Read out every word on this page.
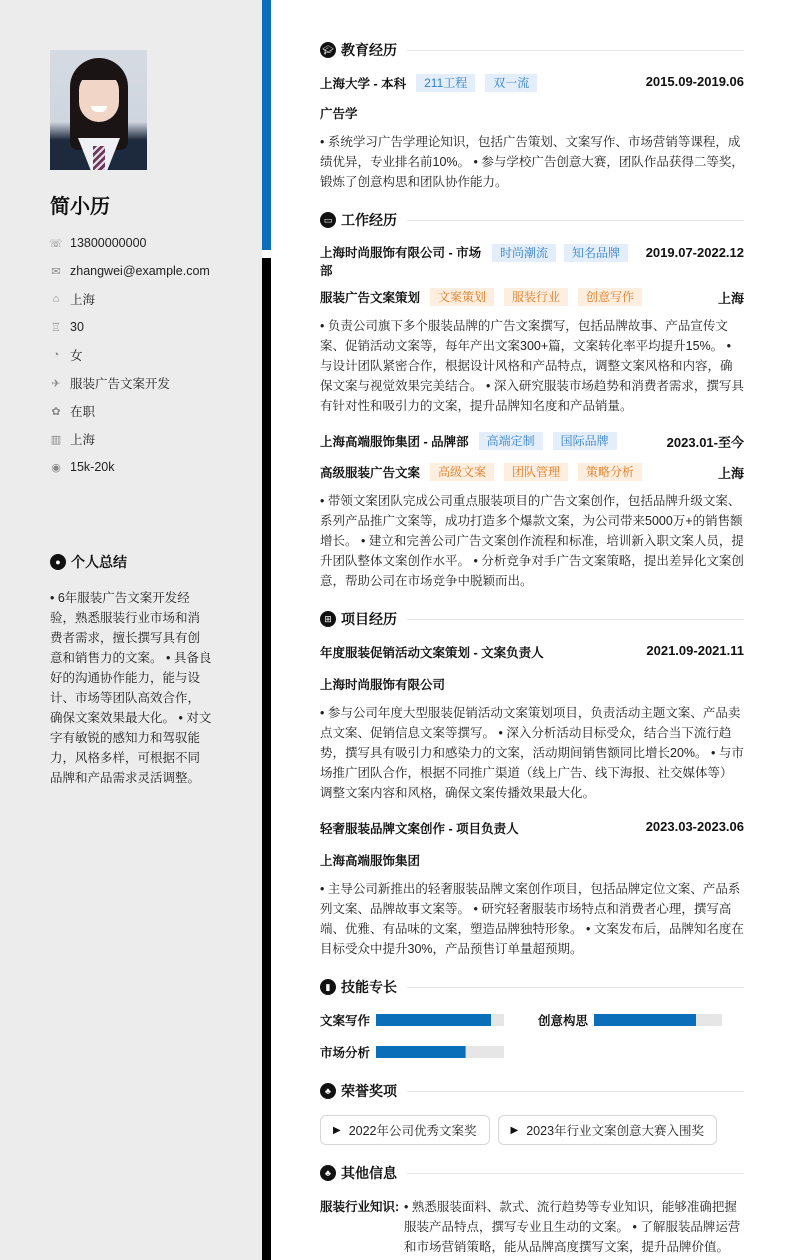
简小历
☏ 13800000000
✉ zhangwei@example.com
⌂ 上海
♖ 30
◔ 女
✈ 服装广告文案开发
✿ 在职
▥ 上海
◉ 15k-20k
● 个人总结
• 6年服装广告文案开发经验，熟悉服装行业市场和消费者需求，擅长撰写具有创意和销售力的文案。 • 具备良好的沟通协作能力，能与设计、市场等团队高效合作，确保文案效果最大化。 • 对文字有敏锐的感知力和驾驭能力，风格多样，可根据不同品牌和产品需求灵活调整。
🎓︎ 教育经历
上海大学 - 本科	211工程	双一流	2015.09-2019.06
广告学
• 系统学习广告学理论知识，包括广告策划、文案写作、市场营销等课程，成绩优异，专业排名前10%。 • 参与学校广告创意大赛，团队作品获得二等奖，锻炼了创意构思和团队协作能力。
▭ 工作经历
上海时尚服饰有限公司 - 市场部
时尚潮流	知名品牌	2019.07-2022.12
服装广告文案策划	文案策划	服装行业	创意写作	上海
• 负责公司旗下多个服装品牌的广告文案撰写，包括品牌故事、产品宣传文案、促销活动文案等，每年产出文案300+篇，文案转化率平均提升15%。 • 与设计团队紧密合作，根据设计风格和产品特点，调整文案风格和内容，确保文案与视觉效果完美结合。 • 深入研究服装市场趋势和消费者需求，撰写具有针对性和吸引力的文案，提升品牌知名度和产品销量。
上海高端服饰集团 - 品牌部	高端定制	国际品牌	2023.01-至今
高级服装广告文案	高级文案	团队管理	策略分析	上海
• 带领文案团队完成公司重点服装项目的广告文案创作，包括品牌升级文案、系列产品推广文案等，成功打造多个爆款文案，为公司带来5000万+的销售额增长。 • 建立和完善公司广告文案创作流程和标准，培训新入职文案人员，提升团队整体文案创作水平。 • 分析竞争对手广告文案策略，提出差异化文案创意，帮助公司在市场竞争中脱颖而出。
⊞ 项目经历
年度服装促销活动文案策划 - 文案负责人	2021.09-2021.11
上海时尚服饰有限公司
• 参与公司年度大型服装促销活动文案策划项目，负责活动主题文案、产品卖点文案、促销信息文案等撰写。 • 深入分析活动目标受众，结合当下流行趋势，撰写具有吸引力和感染力的文案，活动期间销售额同比增长20%。 • 与市场推广团队合作，根据不同推广渠道（线上广告、线下海报、社交媒体等）调整文案内容和风格，确保文案传播效果最大化。
轻奢服装品牌文案创作 - 项目负责人	2023.03-2023.06
上海高端服饰集团
• 主导公司新推出的轻奢服装品牌文案创作项目，包括品牌定位文案、产品系列文案、品牌故事文案等。 • 研究轻奢服装市场特点和消费者心理，撰写高端、优雅、有品味的文案，塑造品牌独特形象。 • 文案发布后，品牌知名度在目标受众中提升30%，产品预售订单量超预期。
▮ 技能专长
文案写作	创意构思
市场分析
♣ 荣誉奖项
▶ 2022年公司优秀文案奖	▶ 2023年行业文案创意大赛入围奖
♣ 其他信息
服装行业知识: • 熟悉服装面料、款式、流行趋势等专业知识，能够准确把握服装产品特点，撰写专业且生动的文案。 • 了解服装品牌运营和市场营销策略，能从品牌高度撰写文案，提升品牌价值。
